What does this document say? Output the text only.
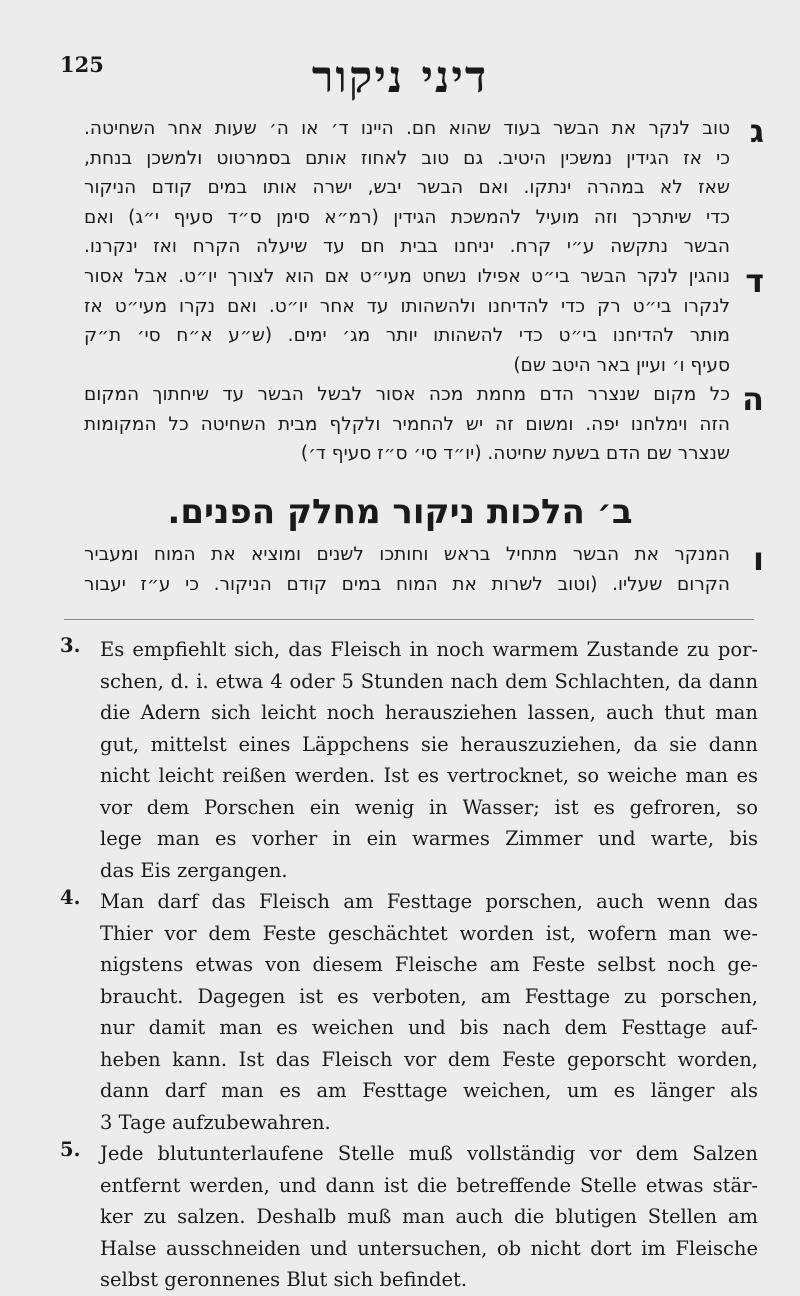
125	דיני ניקור
ג
טוב לנקר את הבשר בעוד שהוא חם. היינו ד׳ או ה׳ שעות אחר השחיטה.
כי אז הגידין נמשכין היטיב. גם טוב לאחוז אותם בסמרטוט ולמשכן בנחת,
שאז לא במהרה ינתקו. ואם הבשר יבש, ישרה אותו במים קודם הניקור
כדי שיתרכך וזה מועיל להמשכת הגידין (רמ״א סימן ס״ד סעיף י״ג) ואם
הבשר נתקשה ע״י קרח. יניחנו בבית חם עד שיעלה הקרח ואז ינקרנו.
ד
נוהגין לנקר הבשר בי״ט אפילו נשחט מעי״ט אם הוא לצורך יו״ט. אבל אסור
לנקרו בי״ט רק כדי להדיחנו ולהשהותו עד אחר יו״ט. ואם נקרו מעי״ט אז
מותר להדיחנו בי״ט כדי להשהותו יותר מג׳ ימים. (ש״ע א״ח סי׳ ת״ק
סעיף ו׳ ועיין באר היטב שם)
ה
כל מקום שנצרר הדם מחמת מכה אסור לבשל הבשר עד שיחתוך המקום
הזה וימלחנו יפה. ומשום זה יש להחמיר ולקלף מבית השחיטה כל המקומות
שנצרר שם הדם בשעת שחיטה. (יו״ד סי׳ ס״ז סעיף ד׳)
ב׳ הלכות ניקור מחלק הפנים.
ו
המנקר את הבשר מתחיל בראש וחותכו לשנים ומוציא את המוח ומעביר
הקרום שעליו. (וטוב לשרות את המוח במים קודם הניקור. כי ע״ז יעבור
3. Es empfiehlt sich, das Fleisch in noch warmem Zustande zu por-
schen, d. i. etwa 4 oder 5 Stunden nach dem Schlachten, da dann
die Adern sich leicht noch herausziehen lassen, auch thut man
gut, mittelst eines Läppchens sie herauszuziehen, da sie dann
nicht leicht reißen werden. Ist es vertrocknet, so weiche man es
vor dem Porschen ein wenig in Wasser; ist es gefroren, so
lege man es vorher in ein warmes Zimmer und warte, bis
das Eis zergangen.
4. Man darf das Fleisch am Festtage porschen, auch wenn das
Thier vor dem Feste geschächtet worden ist, wofern man we-
nigstens etwas von diesem Fleische am Feste selbst noch ge-
braucht. Dagegen ist es verboten, am Festtage zu porschen,
nur damit man es weichen und bis nach dem Festtage auf-
heben kann. Ist das Fleisch vor dem Feste geporscht worden,
dann darf man es am Festtage weichen, um es länger als
3 Tage aufzubewahren.
5. Jede blutunterlaufene Stelle muß vollständig vor dem Salzen
entfernt werden, und dann ist die betreffende Stelle etwas stär-
ker zu salzen. Deshalb muß man auch die blutigen Stellen am
Halse ausschneiden und untersuchen, ob nicht dort im Fleische
selbst geronnenes Blut sich befindet.
